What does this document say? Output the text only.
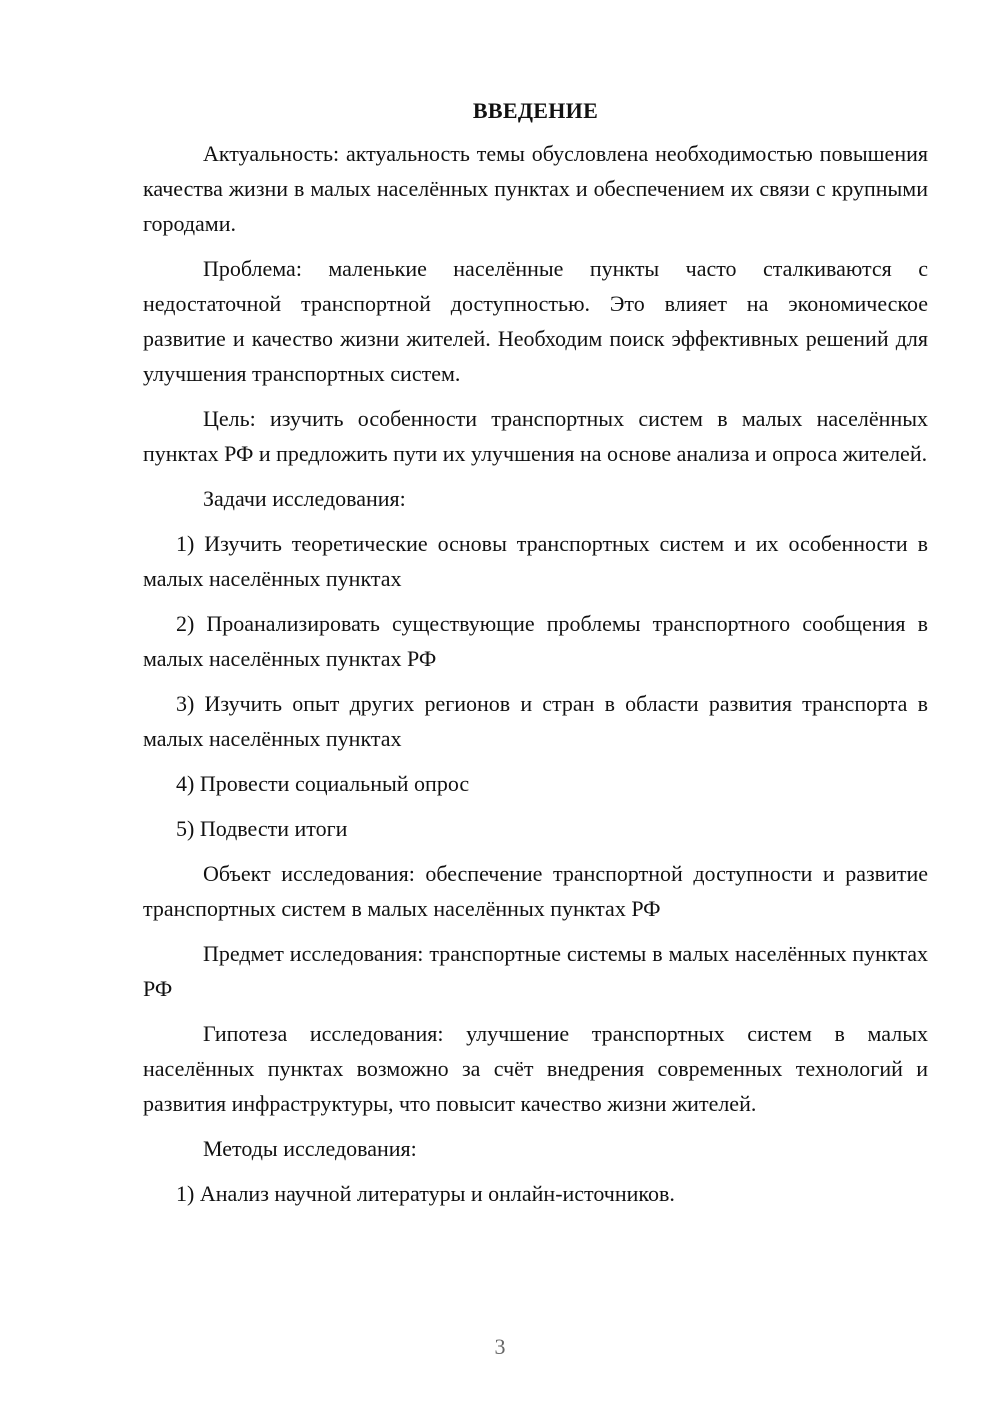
ВВЕДЕНИЕ

Актуальность: актуальность темы обусловлена необходимостью повышения качества жизни в малых населённых пунктах и обеспечением их связи с крупными городами.

Проблема: маленькие населённые пункты часто сталкиваются с недостаточной транспортной доступностью. Это влияет на экономическое развитие и качество жизни жителей. Необходим поиск эффективных решений для улучшения транспортных систем.

Цель: изучить особенности транспортных систем в малых населённых пунктах РФ и предложить пути их улучшения на основе анализа и опроса жителей.

Задачи исследования:

1) Изучить теоретические основы транспортных систем и их особенности в малых населённых пунктах

2) Проанализировать существующие проблемы транспортного сообщения в малых населённых пунктах РФ

3) Изучить опыт других регионов и стран в области развития транспорта в малых населённых пунктах

4) Провести социальный опрос

5) Подвести итоги

Объект исследования: обеспечение транспортной доступности и развитие транспортных систем в малых населённых пунктах РФ

Предмет исследования: транспортные системы в малых населённых пунктах РФ

Гипотеза исследования: улучшение транспортных систем в малых населённых пунктах возможно за счёт внедрения современных технологий и развития инфраструктуры, что повысит качество жизни жителей.

Методы исследования:

1) Анализ научной литературы и онлайн-источников.

3
